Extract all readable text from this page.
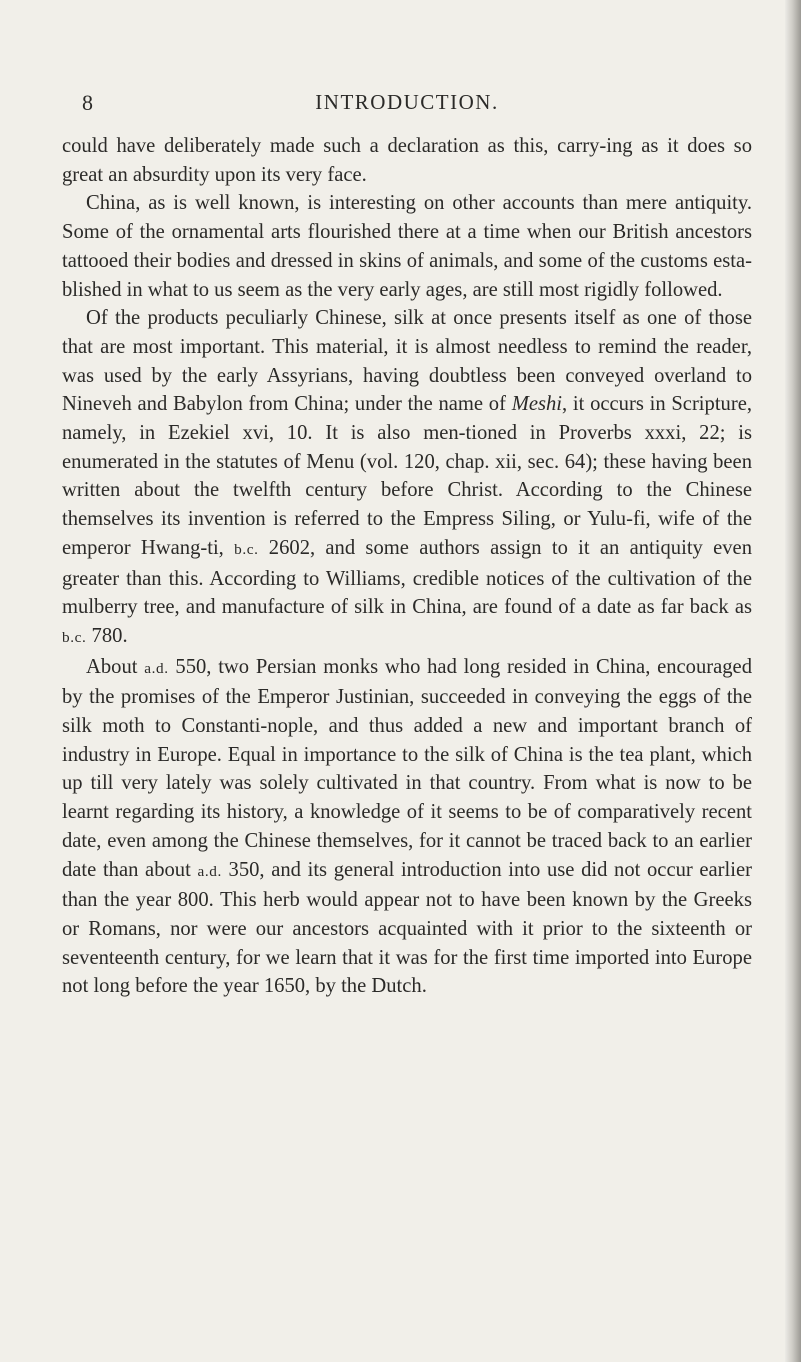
8	INTRODUCTION.

could have deliberately made such a declaration as this, carry-ing as it does so great an absurdity upon its very face.

China, as is well known, is interesting on other accounts than mere antiquity. Some of the ornamental arts flourished there at a time when our British ancestors tattooed their bodies and dressed in skins of animals, and some of the customs esta-blished in what to us seem as the very early ages, are still most rigidly followed.

Of the products peculiarly Chinese, silk at once presents itself as one of those that are most important. This material, it is almost needless to remind the reader, was used by the early Assyrians, having doubtless been conveyed overland to Nineveh and Babylon from China; under the name of Meshi, it occurs in Scripture, namely, in Ezekiel xvi, 10. It is also men-tioned in Proverbs xxxi, 22; is enumerated in the statutes of Menu (vol. 120, chap. xii, sec. 64); these having been written about the twelfth century before Christ. According to the Chinese themselves its invention is referred to the Empress Siling, or Yulu-fi, wife of the emperor Hwang-ti, b.c. 2602, and some authors assign to it an antiquity even greater than this. According to Williams, credible notices of the cultivation of the mulberry tree, and manufacture of silk in China, are found of a date as far back as b.c. 780.

About a.d. 550, two Persian monks who had long resided in China, encouraged by the promises of the Emperor Justinian, succeeded in conveying the eggs of the silk moth to Constanti-nople, and thus added a new and important branch of industry in Europe. Equal in importance to the silk of China is the tea plant, which up till very lately was solely cultivated in that country. From what is now to be learnt regarding its history, a knowledge of it seems to be of comparatively recent date, even among the Chinese themselves, for it cannot be traced back to an earlier date than about a.d. 350, and its general introduction into use did not occur earlier than the year 800. This herb would appear not to have been known by the Greeks or Romans, nor were our ancestors acquainted with it prior to the sixteenth or seventeenth century, for we learn that it was for the first time imported into Europe not long before the year 1650, by the Dutch.
